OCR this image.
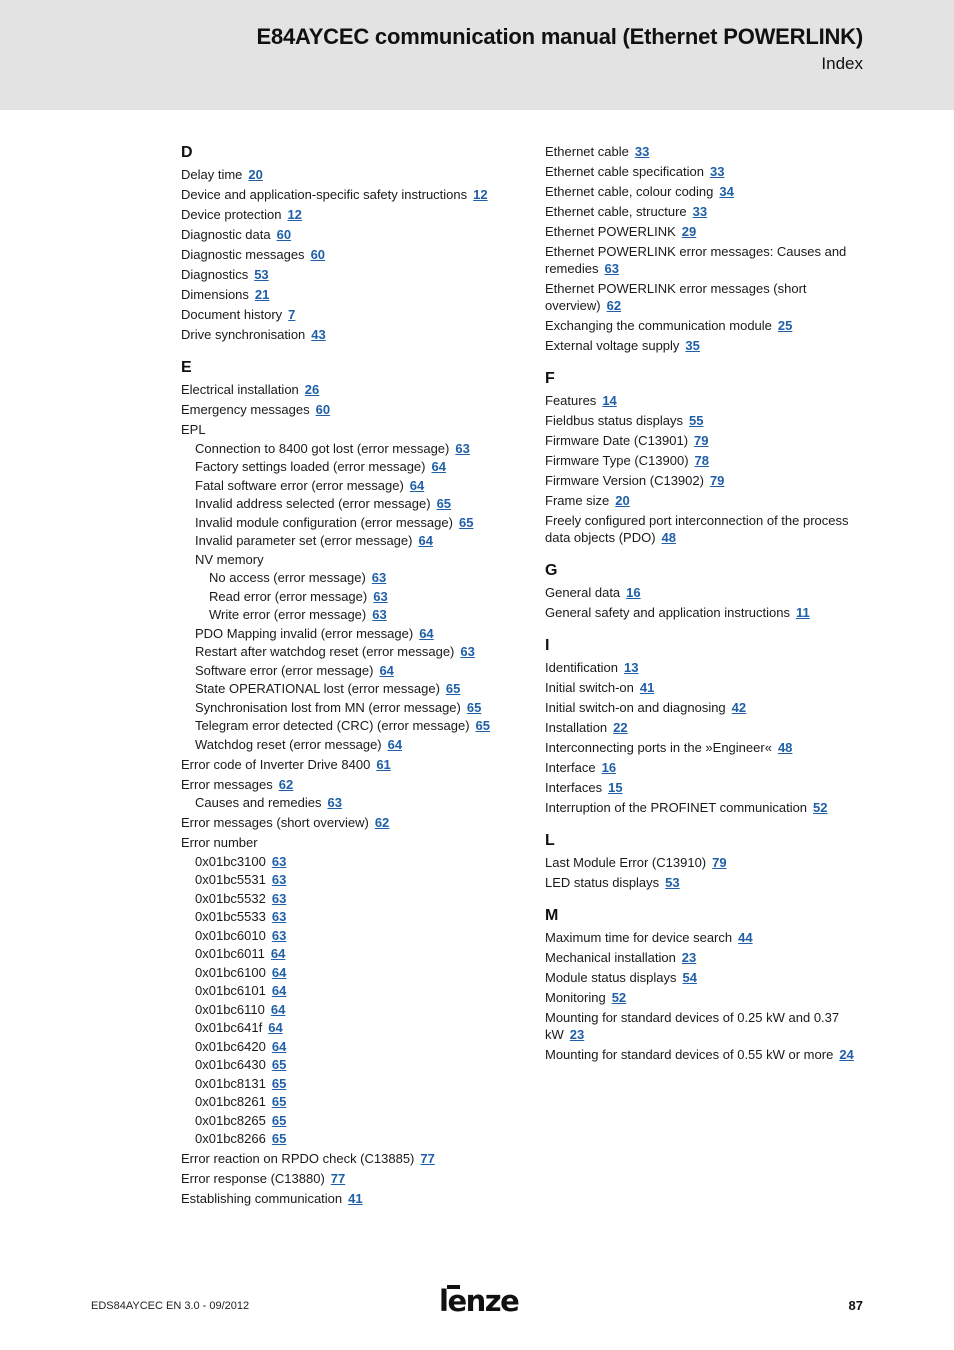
E84AYCEC communication manual (Ethernet POWERLINK)
Index
D
Delay time 20
Device and application-specific safety instructions 12
Device protection 12
Diagnostic data 60
Diagnostic messages 60
Diagnostics 53
Dimensions 21
Document history 7
Drive synchronisation 43
E
Electrical installation 26
Emergency messages 60
EPL
Connection to 8400 got lost (error message) 63
Factory settings loaded (error message) 64
Fatal software error (error message) 64
Invalid address selected (error message) 65
Invalid module configuration (error message) 65
Invalid parameter set (error message) 64
NV memory
No access (error message) 63
Read error (error message) 63
Write error (error message) 63
PDO Mapping invalid (error message) 64
Restart after watchdog reset (error message) 63
Software error (error message) 64
State OPERATIONAL lost (error message) 65
Synchronisation lost from MN (error message) 65
Telegram error detected (CRC) (error message) 65
Watchdog reset (error message) 64
Error code of Inverter Drive 8400 61
Error messages 62
Causes and remedies 63
Error messages (short overview) 62
Error number
0x01bc3100 63
0x01bc5531 63
0x01bc5532 63
0x01bc5533 63
0x01bc6010 63
0x01bc6011 64
0x01bc6100 64
0x01bc6101 64
0x01bc6110 64
0x01bc641f 64
0x01bc6420 64
0x01bc6430 65
0x01bc8131 65
0x01bc8261 65
0x01bc8265 65
0x01bc8266 65
Error reaction on RPDO check (C13885) 77
Error response (C13880) 77
Establishing communication 41
Ethernet cable 33
Ethernet cable specification 33
Ethernet cable, colour coding 34
Ethernet cable, structure 33
Ethernet POWERLINK 29
Ethernet POWERLINK error messages: Causes and remedies 63
Ethernet POWERLINK error messages (short overview) 62
Exchanging the communication module 25
External voltage supply 35
F
Features 14
Fieldbus status displays 55
Firmware Date (C13901) 79
Firmware Type (C13900) 78
Firmware Version (C13902) 79
Frame size 20
Freely configured port interconnection of the process data objects (PDO) 48
G
General data 16
General safety and application instructions 11
I
Identification 13
Initial switch-on 41
Initial switch-on and diagnosing 42
Installation 22
Interconnecting ports in the »Engineer« 48
Interface 16
Interfaces 15
Interruption of the PROFINET communication 52
L
Last Module Error (C13910) 79
LED status displays 53
M
Maximum time for device search 44
Mechanical installation 23
Module status displays 54
Monitoring 52
Mounting for standard devices of 0.25 kW and 0.37 kW 23
Mounting for standard devices of 0.55 kW or more 24
EDS84AYCEC EN 3.0 - 09/2012	lenze	87
